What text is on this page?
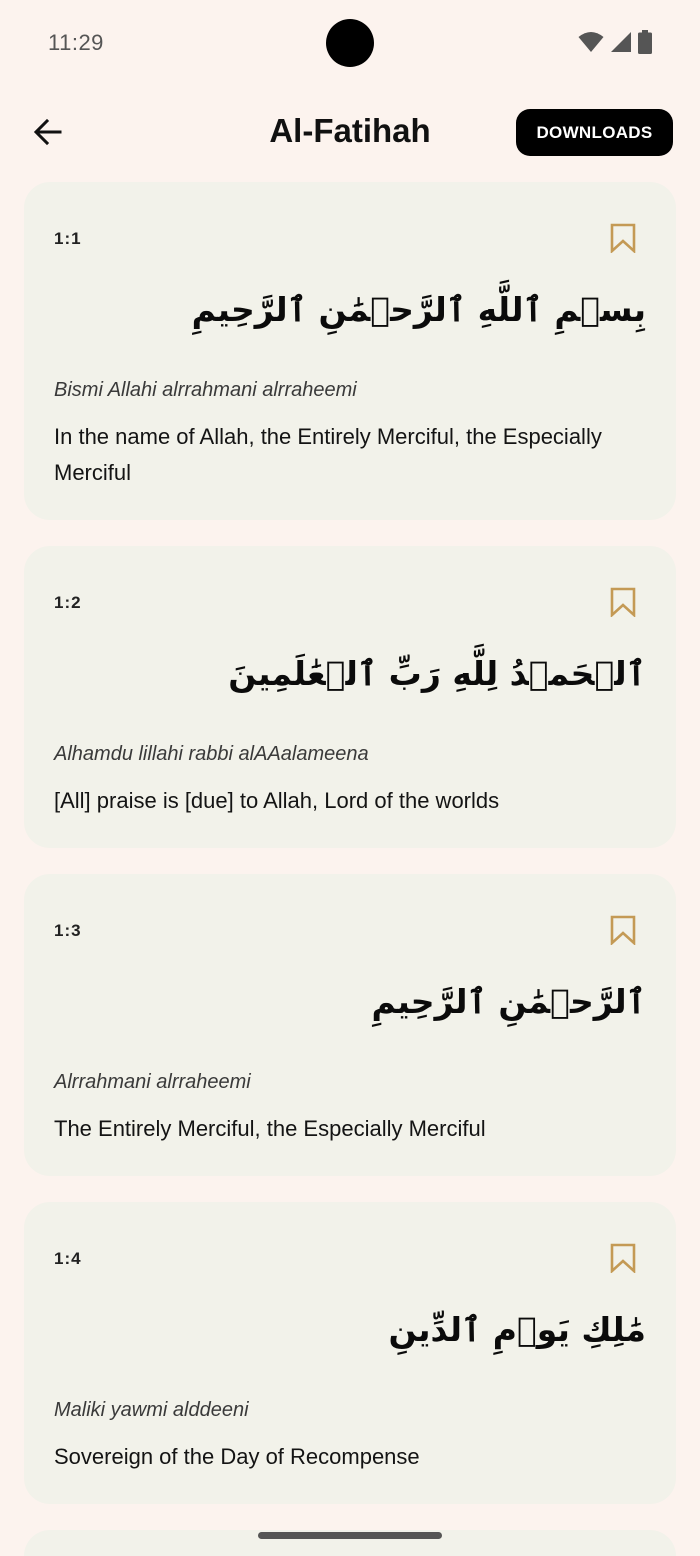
11:29
Al-Fatihah	DOWNLOADS
1:1
بِسۡمِ ٱللَّهِ ٱلرَّحۡمَٰنِ ٱلرَّحِيمِ
Bismi Allahi alrrahmani alrraheemi
In the name of Allah, the Entirely Merciful, the Especially Merciful
1:2
ٱلۡحَمۡدُ لِلَّهِ رَبِّ ٱلۡعَٰلَمِينَ
Alhamdu lillahi rabbi alAAalameena
[All] praise is [due] to Allah, Lord of the worlds
1:3
ٱلرَّحۡمَٰنِ ٱلرَّحِيمِ
Alrrahmani alrraheemi
The Entirely Merciful, the Especially Merciful
1:4
مَٰلِكِ يَوۡمِ ٱلدِّينِ
Maliki yawmi alddeeni
Sovereign of the Day of Recompense
